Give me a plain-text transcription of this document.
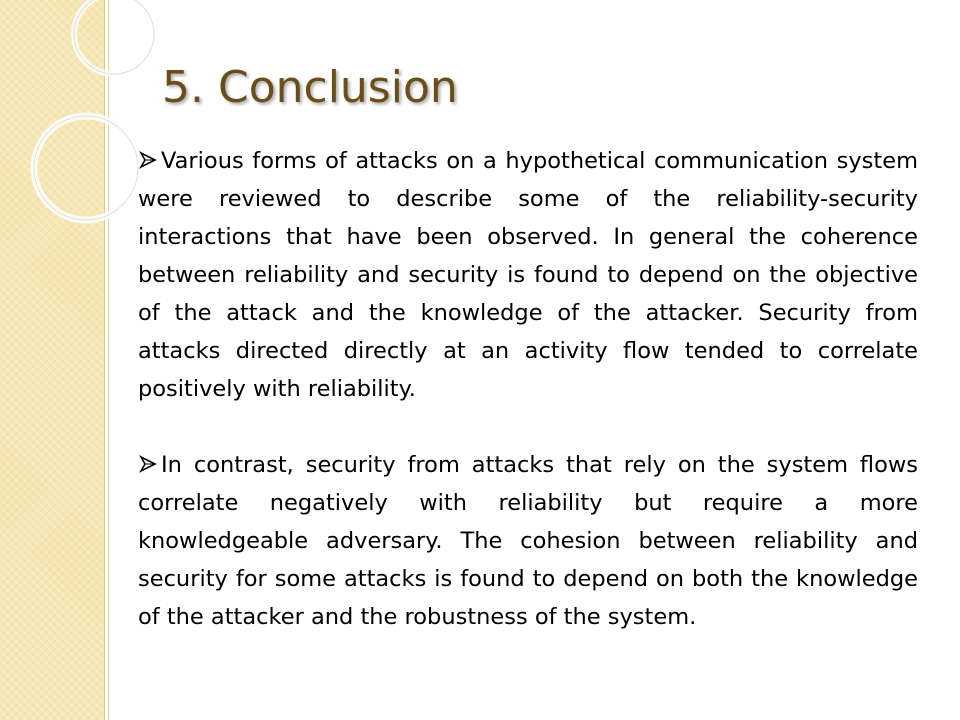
5. Conclusion

Various forms of attacks on a hypothetical communication system were reviewed to describe some of the reliability-security interactions that have been observed. In general the coherence between reliability and security is found to depend on the objective of the attack and the knowledge of the attacker. Security from attacks directed directly at an activity flow tended to correlate positively with reliability.

In contrast, security from attacks that rely on the system flows correlate negatively with reliability but require a more knowledgeable adversary. The cohesion between reliability and security for some attacks is found to depend on both the knowledge of the attacker and the robustness of the system.
